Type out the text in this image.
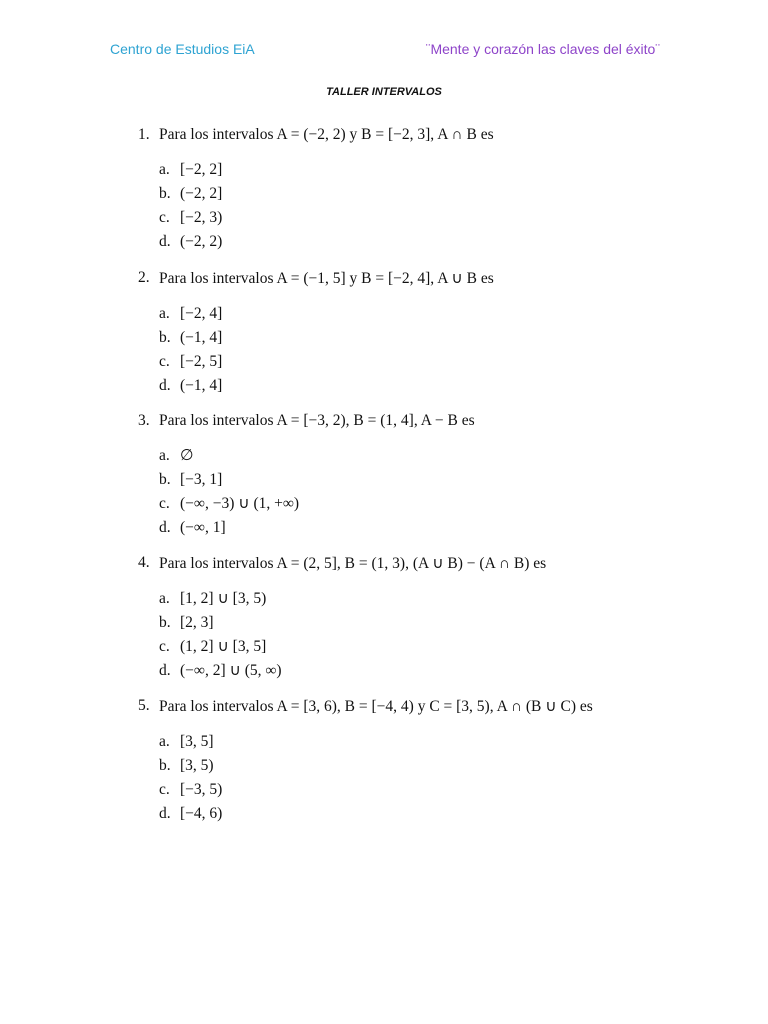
Centro de Estudios EiA	¨Mente y corazón las claves del éxito¨
TALLER INTERVALOS
1. Para los intervalos A = (−2, 2) y B = [−2, 3], A ∩ B es
a. [−2, 2]
b. (−2, 2]
c. [−2, 3)
d. (−2, 2)
2. Para los intervalos A = (−1, 5] y B = [−2, 4], A ∪ B es
a. [−2, 4]
b. (−1, 4]
c. [−2, 5]
d. (−1, 4]
3. Para los intervalos A = [−3, 2), B = (1, 4], A − B es
a. ∅
b. [−3, 1]
c. (−∞, −3) ∪ (1, +∞)
d. (−∞, 1]
4. Para los intervalos A = (2, 5], B = (1, 3), (A ∪ B) − (A ∩ B) es
a. [1, 2] ∪ [3, 5)
b. [2, 3]
c. (1, 2] ∪ [3, 5]
d. (−∞, 2] ∪ (5, ∞)
5. Para los intervalos A = [3, 6), B = [−4, 4) y C = [3, 5), A ∩ (B ∪ C) es
a. [3, 5]
b. [3, 5)
c. [−3, 5)
d. [−4, 6)
